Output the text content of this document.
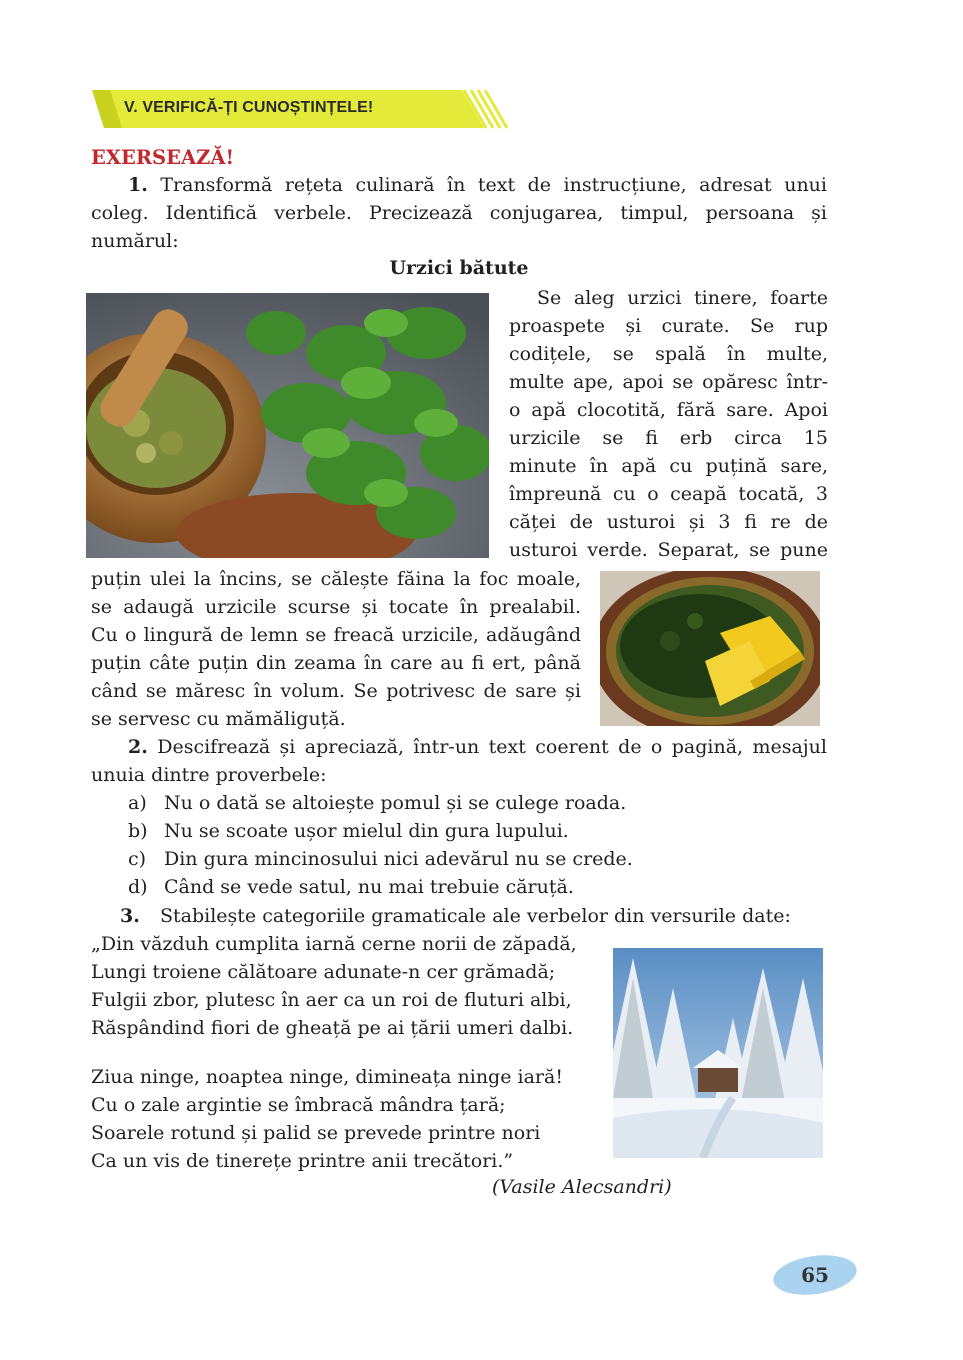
V. VERIFICĂ-ȚI CUNOȘTINȚELE!
EXERSEAZĂ!
1. Transformă rețeta culinară în text de instrucțiune, adresat unui
coleg. Identifică verbele. Precizează conjugarea, timpul, persoana și
numărul:
Urzici bătute
Se aleg urzici tinere, foarte
proaspete și curate. Se rup
codițele, se spală în multe,
multe ape, apoi se opăresc într-
o apă clocotită, fără sare. Apoi
urzicile se fi erb circa 15
minute în apă cu puțină sare,
împreună cu o ceapă tocată, 3
căței de usturoi și 3 fi re de
usturoi verde. Separat, se pune
puțin ulei la încins, se călește făina la foc moale,
se adaugă urzicile scurse și tocate în prealabil.
Cu o lingură de lemn se freacă urzicile, adăugând
puțin câte puțin din zeama în care au fi ert, până
când se măresc în volum. Se potrivesc de sare și
se servesc cu mămăliguță.
2. Descifrează și apreciază, într-un text coerent de o pagină, mesajul
unuia dintre proverbele:
a) Nu o dată se altoiește pomul și se culege roada.
b) Nu se scoate ușor mielul din gura lupului.
c) Din gura mincinosului nici adevărul nu se crede.
d) Când se vede satul, nu mai trebuie căruță.
3. Stabilește categoriile gramaticale ale verbelor din versurile date:
„Din văzduh cumplita iarnă cerne norii de zăpadă,
Lungi troiene călătoare adunate-n cer grămadă;
Fulgii zbor, plutesc în aer ca un roi de fluturi albi,
Răspândind fiori de gheață pe ai țării umeri dalbi.
Ziua ninge, noaptea ninge, dimineața ninge iară!
Cu o zale argintie se îmbracă mândra țară;
Soarele rotund și palid se prevede printre nori
Ca un vis de tinerețe printre anii trecători.”
(Vasile Alecsandri)
65
